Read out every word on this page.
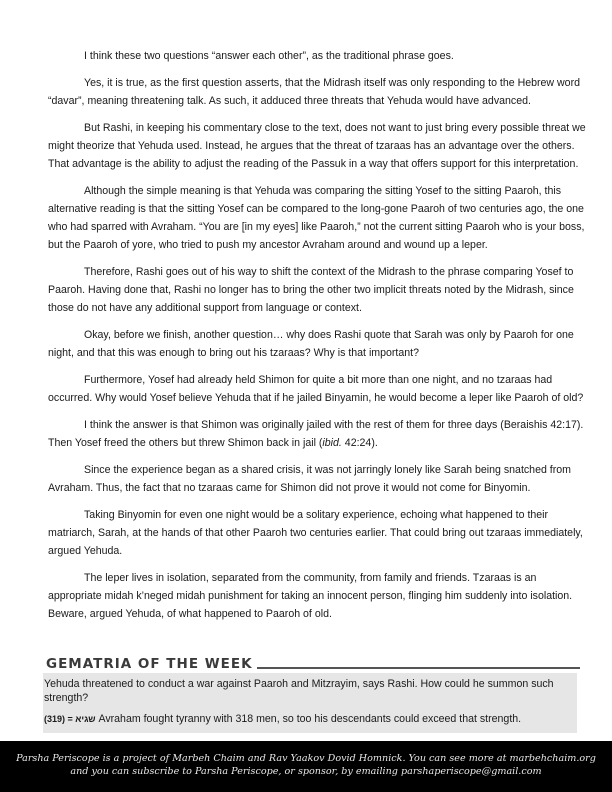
I think these two questions “answer each other”, as the traditional phrase goes.

Yes, it is true, as the first question asserts, that the Midrash itself was only responding to the Hebrew word “davar”, meaning threatening talk. As such, it adduced three threats that Yehuda would have advanced.

But Rashi, in keeping his commentary close to the text, does not want to just bring every possible threat we might theorize that Yehuda used. Instead, he argues that the threat of tzaraas has an advantage over the others. That advantage is the ability to adjust the reading of the Passuk in a way that offers support for this interpretation.

Although the simple meaning is that Yehuda was comparing the sitting Yosef to the sitting Paaroh, this alternative reading is that the sitting Yosef can be compared to the long-gone Paaroh of two centuries ago, the one who had sparred with Avraham. “You are [in my eyes] like Paaroh,” not the current sitting Paaroh who is your boss, but the Paaroh of yore, who tried to push my ancestor Avraham around and wound up a leper.

Therefore, Rashi goes out of his way to shift the context of the Midrash to the phrase comparing Yosef to Paaroh. Having done that, Rashi no longer has to bring the other two implicit threats noted by the Midrash, since those do not have any additional support from language or context.

Okay, before we finish, another question… why does Rashi quote that Sarah was only by Paaroh for one night, and that this was enough to bring out his tzaraas? Why is that important?

Furthermore, Yosef had already held Shimon for quite a bit more than one night, and no tzaraas had occurred. Why would Yosef believe Yehuda that if he jailed Binyamin, he would become a leper like Paaroh of old?

I think the answer is that Shimon was originally jailed with the rest of them for three days (Beraishis 42:17). Then Yosef freed the others but threw Shimon back in jail (ibid. 42:24).

Since the experience began as a shared crisis, it was not jarringly lonely like Sarah being snatched from Avraham. Thus, the fact that no tzaraas came for Shimon did not prove it would not come for Binyomin.

Taking Binyomin for even one night would be a solitary experience, echoing what happened to their matriarch, Sarah, at the hands of that other Paaroh two centuries earlier. That could bring out tzaraas immediately, argued Yehuda.

The leper lives in isolation, separated from the community, from family and friends. Tzaraas is an appropriate midah k’neged midah punishment for taking an innocent person, flinging him suddenly into isolation. Beware, argued Yehuda, of what happened to Paaroh of old.

GEMATRIA OF THE WEEK

Yehuda threatened to conduct a war against Paaroh and Mitzrayim, says Rashi. How could he summon such strength?

(319) = שגיא Avraham fought tyranny with 318 men, so too his descendants could exceed that strength.

Parsha Periscope is a project of Marbeh Chaim and Rav Yaakov Dovid Homnick. You can see more at marbehchaim.org
and you can subscribe to Parsha Periscope, or sponsor, by emailing parshaperiscope@gmail.com
